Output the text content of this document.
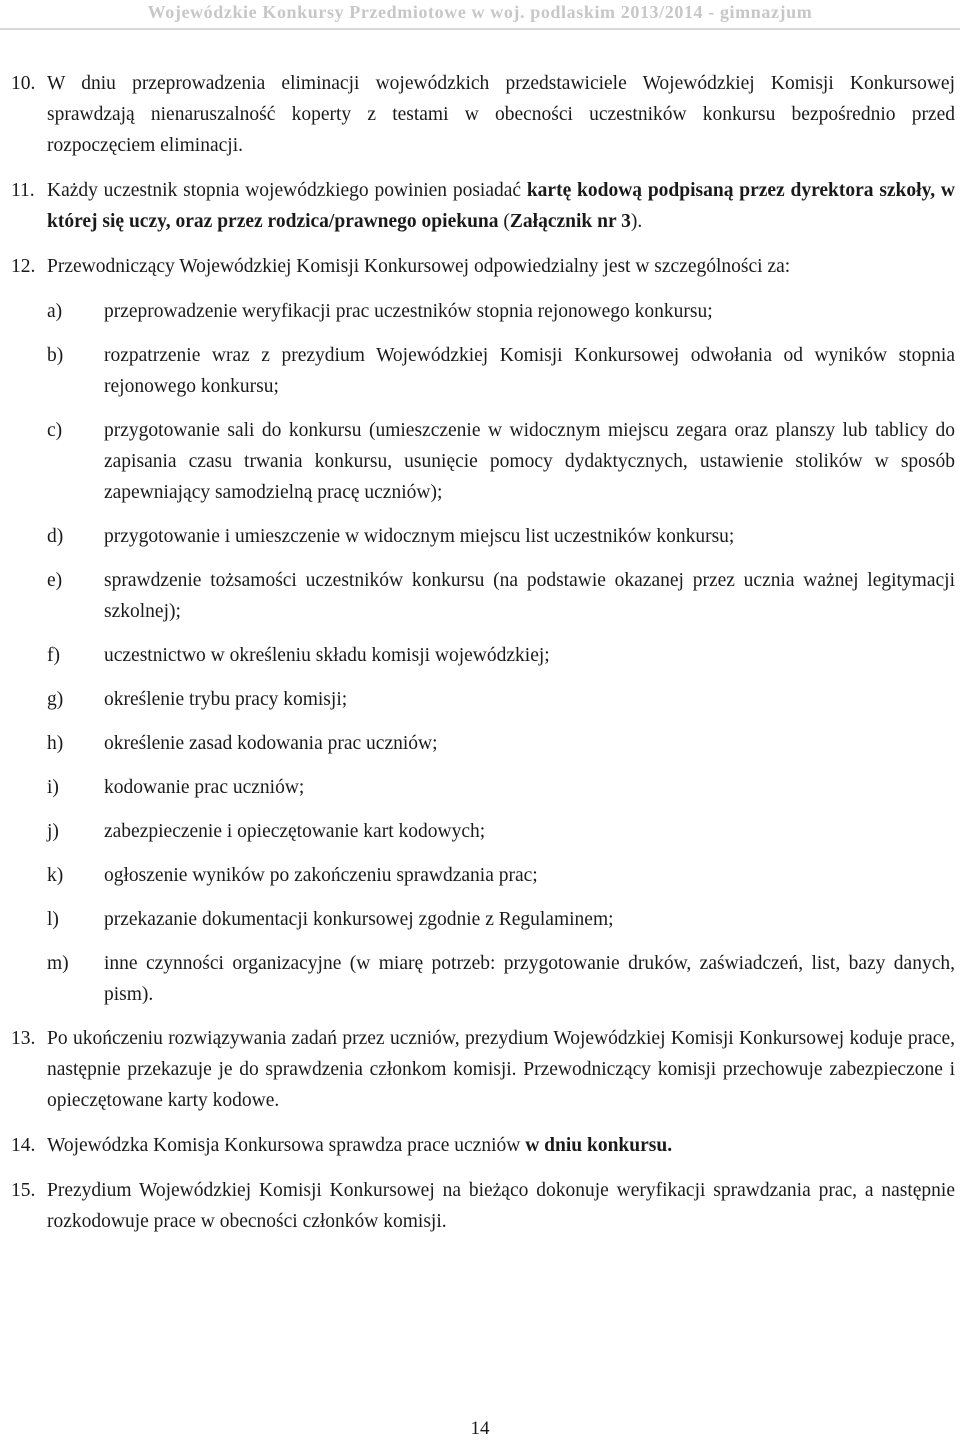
Wojewódzkie Konkursy Przedmiotowe w woj. podlaskim 2013/2014 - gimnazjum
10. W dniu przeprowadzenia eliminacji wojewódzkich przedstawiciele Wojewódzkiej Komisji Konkursowej sprawdzają nienaruszalność koperty z testami w obecności uczestników konkursu bezpośrednio przed rozpoczęciem eliminacji.
11. Każdy uczestnik stopnia wojewódzkiego powinien posiadać kartę kodową podpisaną przez dyrektora szkoły, w której się uczy, oraz przez rodzica/prawnego opiekuna (Załącznik nr 3).
12. Przewodniczący Wojewódzkiej Komisji Konkursowej odpowiedzialny jest w szczególności za:
a) przeprowadzenie weryfikacji prac uczestników stopnia rejonowego konkursu;
b) rozpatrzenie wraz z prezydium Wojewódzkiej Komisji Konkursowej odwołania od wyników stopnia rejonowego konkursu;
c) przygotowanie sali do konkursu (umieszczenie w widocznym miejscu zegara oraz planszy lub tablicy do zapisania czasu trwania konkursu, usunięcie pomocy dydaktycznych, ustawienie stolików w sposób zapewniający samodzielną pracę uczniów);
d) przygotowanie i umieszczenie w widocznym miejscu list uczestników konkursu;
e) sprawdzenie tożsamości uczestników konkursu (na podstawie okazanej przez ucznia ważnej legitymacji szkolnej);
f) uczestnictwo w określeniu składu komisji wojewódzkiej;
g) określenie trybu pracy komisji;
h) określenie zasad kodowania prac uczniów;
i) kodowanie prac uczniów;
j) zabezpieczenie i opieczętowanie kart kodowych;
k) ogłoszenie wyników po zakończeniu sprawdzania prac;
l) przekazanie dokumentacji konkursowej zgodnie z Regulaminem;
m) inne czynności organizacyjne (w miarę potrzeb: przygotowanie druków, zaświadczeń, list, bazy danych, pism).
13. Po ukończeniu rozwiązywania zadań przez uczniów, prezydium Wojewódzkiej Komisji Konkursowej koduje prace, następnie przekazuje je do sprawdzenia członkom komisji. Przewodniczący komisji przechowuje zabezpieczone i opieczętowane karty kodowe.
14. Wojewódzka Komisja Konkursowa sprawdza prace uczniów w dniu konkursu.
15. Prezydium Wojewódzkiej Komisji Konkursowej na bieżąco dokonuje weryfikacji sprawdzania prac, a następnie rozkodowuje prace w obecności członków komisji.
14
